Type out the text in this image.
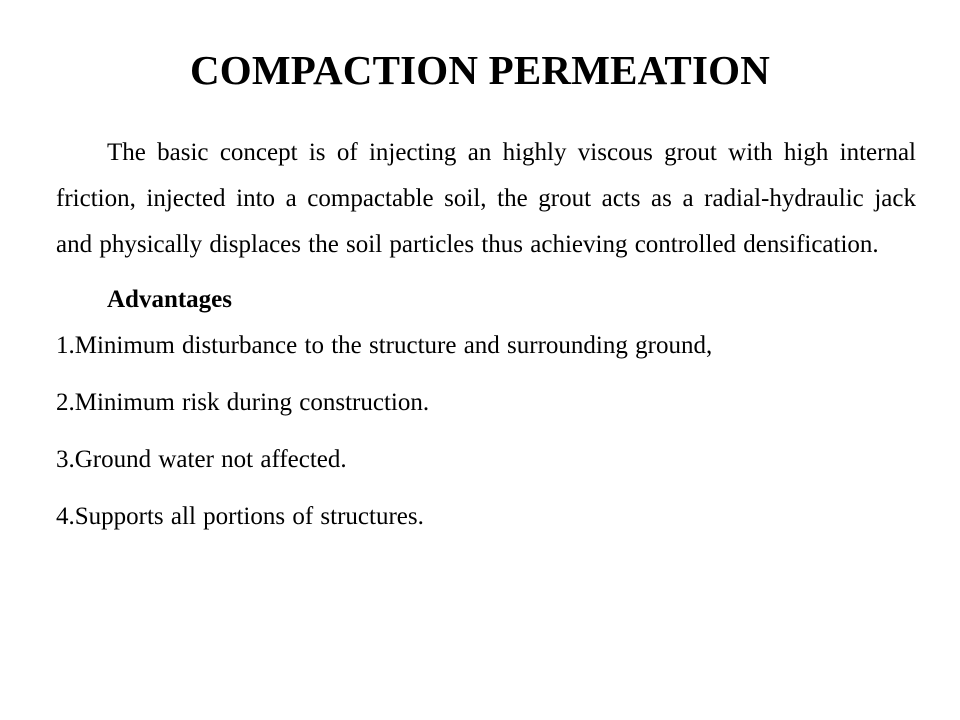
COMPACTION PERMEATION

The basic concept is of injecting an highly viscous grout with high internal friction, injected into a compactable soil, the grout acts as a radial-hydraulic jack and physically displaces the soil particles thus achieving controlled densification.

Advantages
1.Minimum disturbance to the structure and surrounding ground,
2.Minimum risk during construction.
3.Ground water not affected.
4.Supports all portions of structures.
